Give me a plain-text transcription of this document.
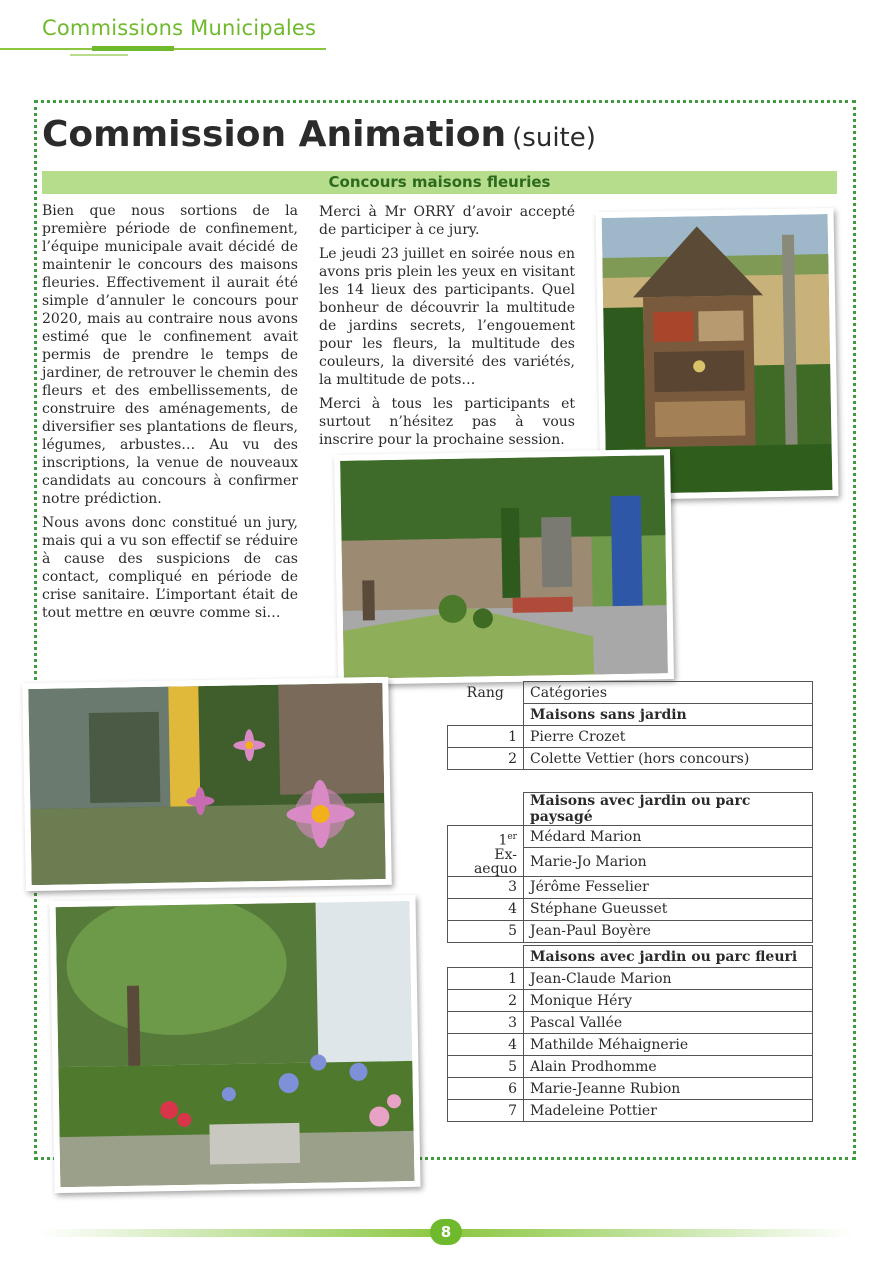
Commissions Municipales
Commission Animation (suite)
Concours maisons fleuries

Bien que nous sortions de la première période de confinement, l’équipe municipale avait décidé de maintenir le concours des maisons fleuries. Effectivement il aurait été simple d’annuler le concours pour 2020, mais au contraire nous avons estimé que le confinement avait permis de prendre le temps de jardiner, de retrouver le chemin des fleurs et des embellissements, de construire des aménagements, de diversifier ses plantations de fleurs, légumes, arbustes… Au vu des inscriptions, la venue de nouveaux candidats au concours à confirmer notre prédiction.

Nous avons donc constitué un jury, mais qui a vu son effectif se réduire à cause des suspicions de cas contact, compliqué en période de crise sanitaire. L’important était de tout mettre en œuvre comme si…

Merci à Mr ORRY d’avoir accepté de participer à ce jury.

Le jeudi 23 juillet en soirée nous en avons pris plein les yeux en visitant les 14 lieux des participants. Quel bonheur de découvrir la multitude de jardins secrets, l’engouement pour les fleurs, la multitude des couleurs, la diversité des variétés, la multitude de pots…

Merci à tous les participants et surtout n’hésitez pas à vous inscrire pour la prochaine session.

Rang	Catégories
	Maisons sans jardin
1	Pierre Crozet
2	Colette Vettier (hors concours)
	Maisons avec jardin ou parc paysagé
1er	Médard Marion
Ex-aequo	Marie-Jo Marion
3	Jérôme Fesselier
4	Stéphane Gueusset
5	Jean-Paul Boyère
	Maisons avec jardin ou parc fleuri
1	Jean-Claude Marion
2	Monique Héry
3	Pascal Vallée
4	Mathilde Méhaignerie
5	Alain Prodhomme
6	Marie-Jeanne Rubion
7	Madeleine Pottier
8
